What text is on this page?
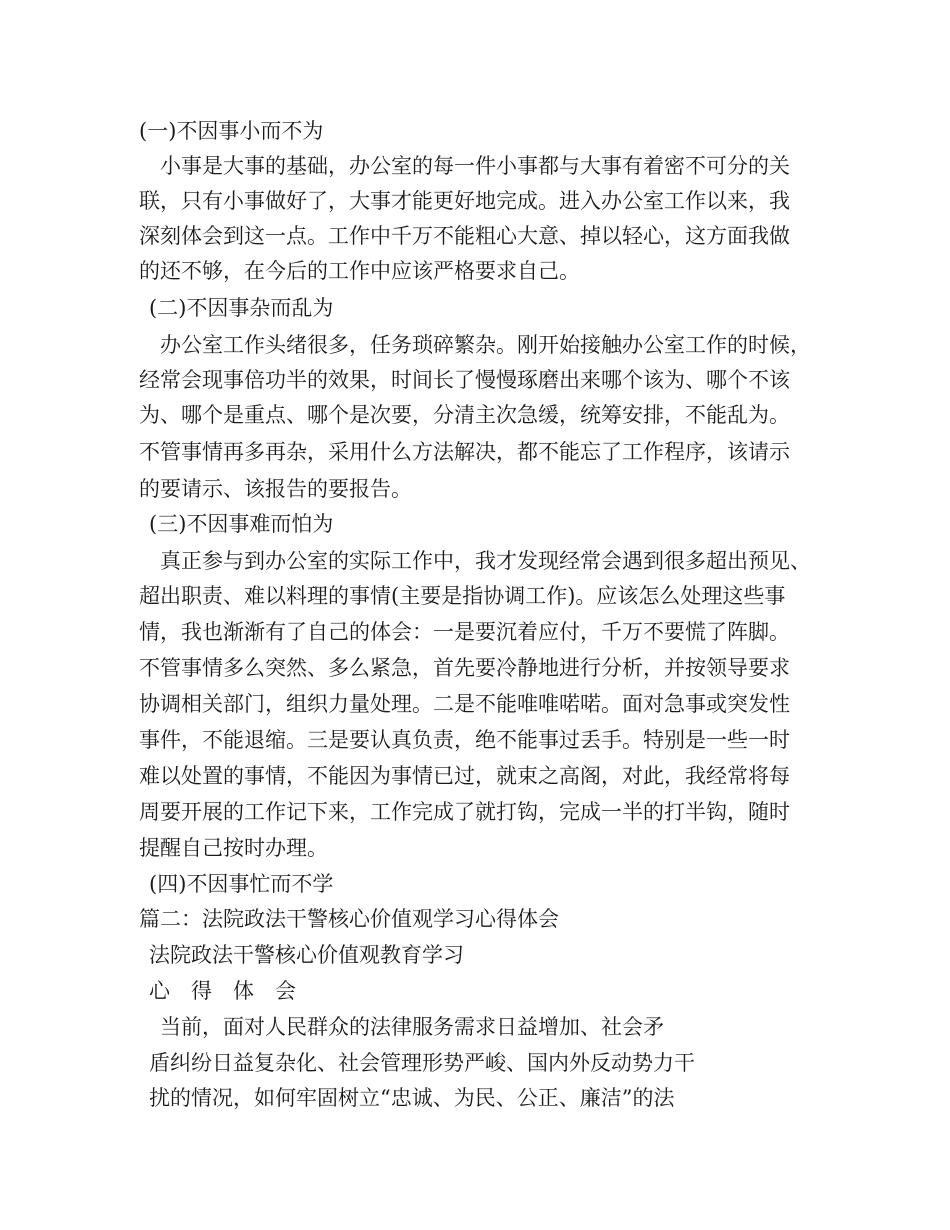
(一)不因事小而不为
小事是大事的基础，办公室的每一件小事都与大事有着密不可分的关
联，只有小事做好了，大事才能更好地完成。进入办公室工作以来，我
深刻体会到这一点。工作中千万不能粗心大意、掉以轻心，这方面我做
的还不够，在今后的工作中应该严格要求自己。
(二)不因事杂而乱为
办公室工作头绪很多，任务琐碎繁杂。刚开始接触办公室工作的时候，
经常会现事倍功半的效果，时间长了慢慢琢磨出来哪个该为、哪个不该
为、哪个是重点、哪个是次要，分清主次急缓，统筹安排，不能乱为。
不管事情再多再杂，采用什么方法解决，都不能忘了工作程序，该请示
的要请示、该报告的要报告。
(三)不因事难而怕为
真正参与到办公室的实际工作中，我才发现经常会遇到很多超出预见、
超出职责、难以料理的事情(主要是指协调工作)。应该怎么处理这些事
情，我也渐渐有了自己的体会：一是要沉着应付，千万不要慌了阵脚。
不管事情多么突然、多么紧急，首先要冷静地进行分析，并按领导要求
协调相关部门，组织力量处理。二是不能唯唯喏喏。面对急事或突发性
事件，不能退缩。三是要认真负责，绝不能事过丢手。特别是一些一时
难以处置的事情，不能因为事情已过，就束之高阁，对此，我经常将每
周要开展的工作记下来，工作完成了就打钩，完成一半的打半钩，随时
提醒自己按时办理。
(四)不因事忙而不学
篇二：法院政法干警核心价值观学习心得体会
法院政法干警核心价值观教育学习
心　得　体　会
当前，面对人民群众的法律服务需求日益增加、社会矛
盾纠纷日益复杂化、社会管理形势严峻、国内外反动势力干
扰的情况，如何牢固树立“忠诚、为民、公正、廉洁”的法
